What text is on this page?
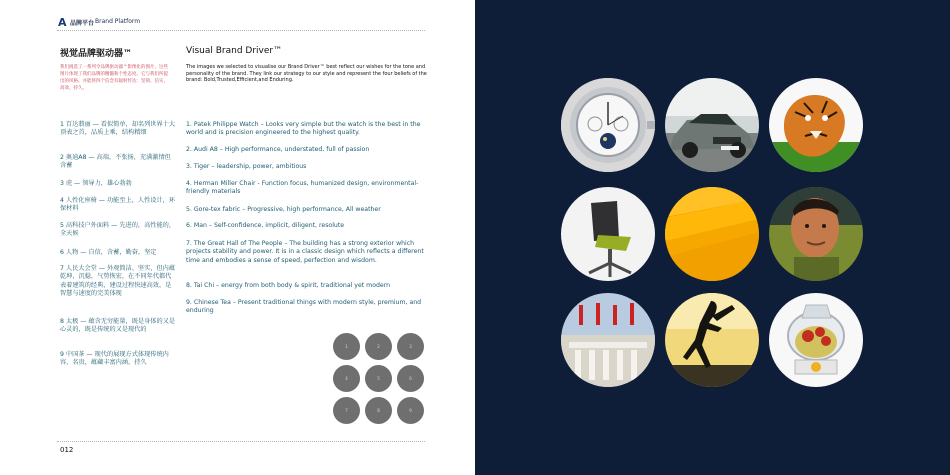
A 品牌平台 Brand Platform
视觉品牌驱动器™	Visual Brand Driver™
我们挑选了一系列令品牌驱动器™影像化的图片，这些图片体现了我们品牌的精髓和个性态度。它与我们所提出的风格、并能将四个信念有辐射传达：坚韧、信实、高效、持久。
The images we selected to visualise our Brand Driver™ best reflect our wishes for the tone and personality of the brand. They link our strategy to our style and represent the four beliefs of the brand: Bold,Trusted,Efficient,and Enduring.
1 百达翡丽 — 看似简单，却名列世界十大顶表之首，品质上乘，结构精细
2 奥迪A8 — 高端，不张扬，充满激情但含蓄
3 虎 — 领导力，雄心勃勃
4 人性化座椅 — 功能至上，人性设计，环保材料
5 高科技户外面料 — 先进的，高性能的，全天候
6 人物 — 自信，含蓄，勤奋，坚定
7 人民大会堂 — 外观简洁、坚实，但内蕴乾坤，沉稳，气势恢宏，在不同年代都代表着建筑的经典，建设过程快速高效，是智慧与速度的完美体现
8 太极 — 蕴含无穷能量，既是身体的又是心灵的，既是传统的又是现代的
9 中国茶 — 现代的展现方式体现传统内容，名贵，蕴藏丰富内涵，持久
1. Patek Philippe Watch – Looks very simple but the watch is the best in the world and is precision engineered to the highest quality.
2. Audi A8 – High performance, understated, full of passion
3. Tiger – leadership, power, ambitious
4. Herman Miller Chair - Function focus, humanized design, environmental-friendly materials
5. Gore-tex fabric – Progressive, high performance, All weather
6. Man – Self-confidence, implicit, diligent, resolute
7. The Great Hall of The People – The building has a strong exterior which projects stability and power. It is in a classic design which reflects a different time and embodies a sense of speed, perfection and wisdom.
8. Tai Chi – energy from both body & spirit, traditional yet modern
9. Chinese Tea – Present traditional things with modern style, premium, and enduring
1	2	3
4	5	6
7	8	9
012
